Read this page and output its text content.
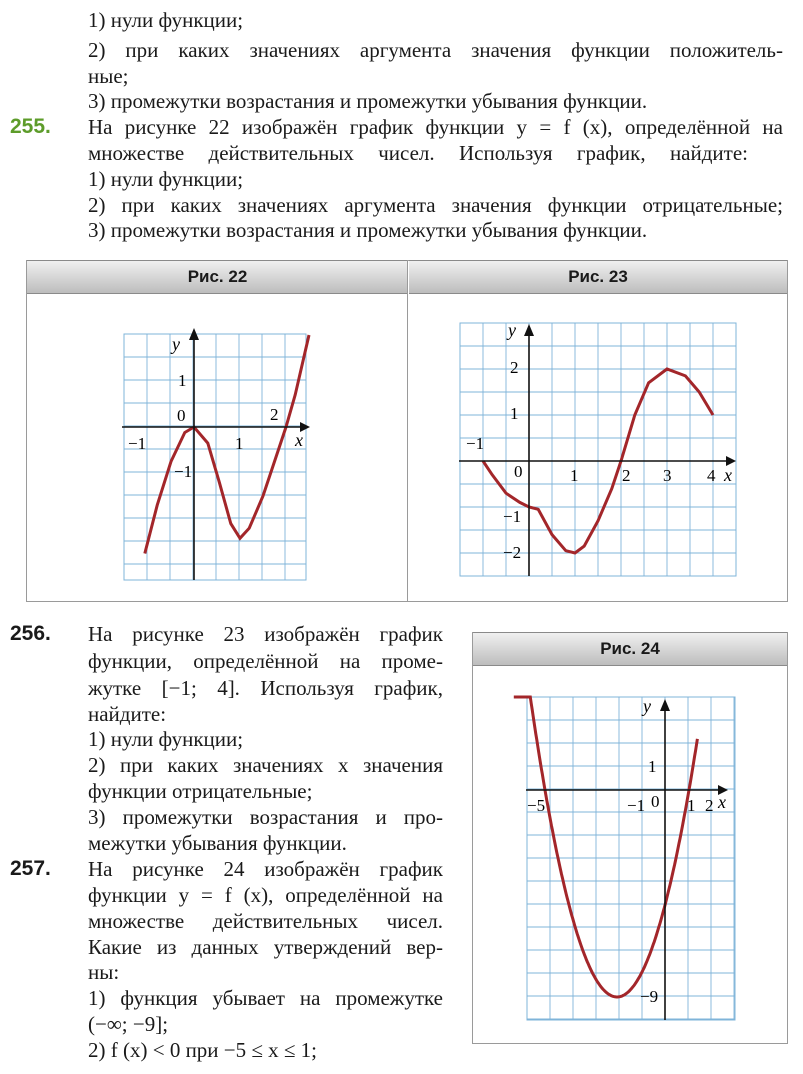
1) нули функции;
2) при каких значениях аргумента значения функции положитель-
ные;
3) промежутки возрастания и промежутки убывания функции.
255. На рисунке 22 изображён график функции y = f (x), определённой на
множестве действительных чисел. Используя график, найдите:
1) нули функции;
2) при каких значениях аргумента значения функции отрицательные;
3) промежутки возрастания и промежутки убывания функции.
Рис. 22	Рис. 23
−1	1
2
x
y
1
−1
0
−1
1	2 3 4 x
y
2
1
0
−1
−2
256. На рисунке 23 изображён график
функции, определённой на проме-
жутке [−1; 4]. Используя график,
найдите:
1) нули функции;
2) при каких значениях x значения
функции отрицательные;
3) промежутки возрастания и про-
межутки убывания функции.
257. На рисунке 24 изображён график
функции y = f (x), определённой на
множестве действительных чисел.
Какие из данных утверждений вер-
ны:
1) функция убывает на промежутке
(−∞; −9];
2) f (x) < 0 при −5 ≤ x ≤ 1;
Рис. 24
−5	−1 0 1 2 x
y
1
−9
